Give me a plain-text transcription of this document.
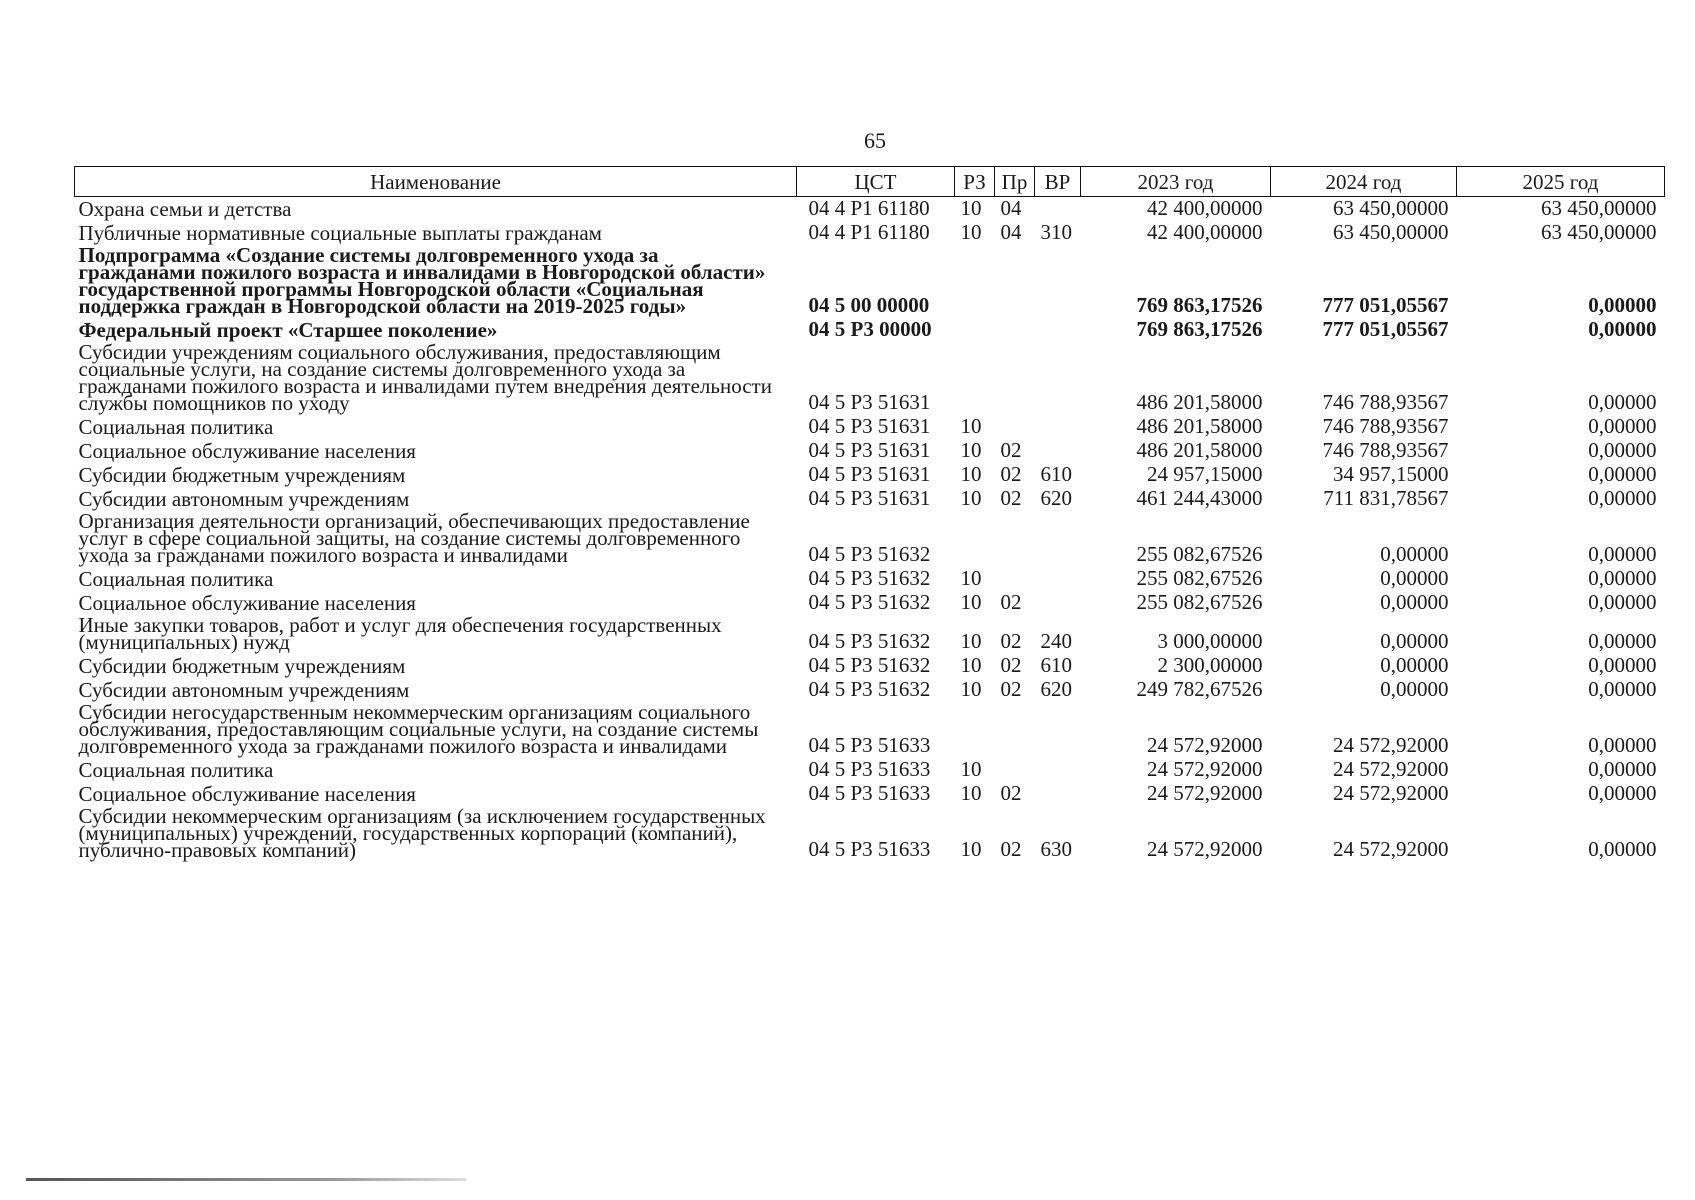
65
Наименование	ЦСТ	РЗ	Пр	ВР	2023 год	2024 год	2025 год
Охрана семьи и детства	04 4 P1 61180	10	04		42 400,00000	63 450,00000	63 450,00000
Публичные нормативные социальные выплаты гражданам	04 4 P1 61180	10	04	310	42 400,00000	63 450,00000	63 450,00000
Подпрограмма «Создание системы долговременного ухода за гражданами пожилого возраста и инвалидами в Новгородской области» государственной программы Новгородской области «Социальная поддержка граждан в Новгородской области на 2019-2025 годы»	04 5 00 00000				769 863,17526	777 051,05567	0,00000
Федеральный проект «Старшее поколение»	04 5 P3 00000				769 863,17526	777 051,05567	0,00000
Субсидии учреждениям социального обслуживания, предоставляющим социальные услуги, на создание системы долговременного ухода за гражданами пожилого возраста и инвалидами путем внедрения деятельности службы помощников по уходу	04 5 P3 51631				486 201,58000	746 788,93567	0,00000
Социальная политика	04 5 P3 51631	10			486 201,58000	746 788,93567	0,00000
Социальное обслуживание населения	04 5 P3 51631	10	02		486 201,58000	746 788,93567	0,00000
Субсидии бюджетным учреждениям	04 5 P3 51631	10	02	610	24 957,15000	34 957,15000	0,00000
Субсидии автономным учреждениям	04 5 P3 51631	10	02	620	461 244,43000	711 831,78567	0,00000
Организация деятельности организаций, обеспечивающих предоставление услуг в сфере социальной защиты, на создание системы долговременного ухода за гражданами пожилого возраста и инвалидами	04 5 P3 51632				255 082,67526	0,00000	0,00000
Социальная политика	04 5 P3 51632	10			255 082,67526	0,00000	0,00000
Социальное обслуживание населения	04 5 P3 51632	10	02		255 082,67526	0,00000	0,00000
Иные закупки товаров, работ и услуг для обеспечения государственных (муниципальных) нужд	04 5 P3 51632	10	02	240	3 000,00000	0,00000	0,00000
Субсидии бюджетным учреждениям	04 5 P3 51632	10	02	610	2 300,00000	0,00000	0,00000
Субсидии автономным учреждениям	04 5 P3 51632	10	02	620	249 782,67526	0,00000	0,00000
Субсидии негосударственным некоммерческим организациям социального обслуживания, предоставляющим социальные услуги, на создание системы долговременного ухода за гражданами пожилого возраста и инвалидами	04 5 P3 51633				24 572,92000	24 572,92000	0,00000
Социальная политика	04 5 P3 51633	10			24 572,92000	24 572,92000	0,00000
Социальное обслуживание населения	04 5 P3 51633	10	02		24 572,92000	24 572,92000	0,00000
Субсидии некоммерческим организациям (за исключением государственных (муниципальных) учреждений, государственных корпораций (компаний), публично-правовых компаний)	04 5 P3 51633	10	02	630	24 572,92000	24 572,92000	0,00000
